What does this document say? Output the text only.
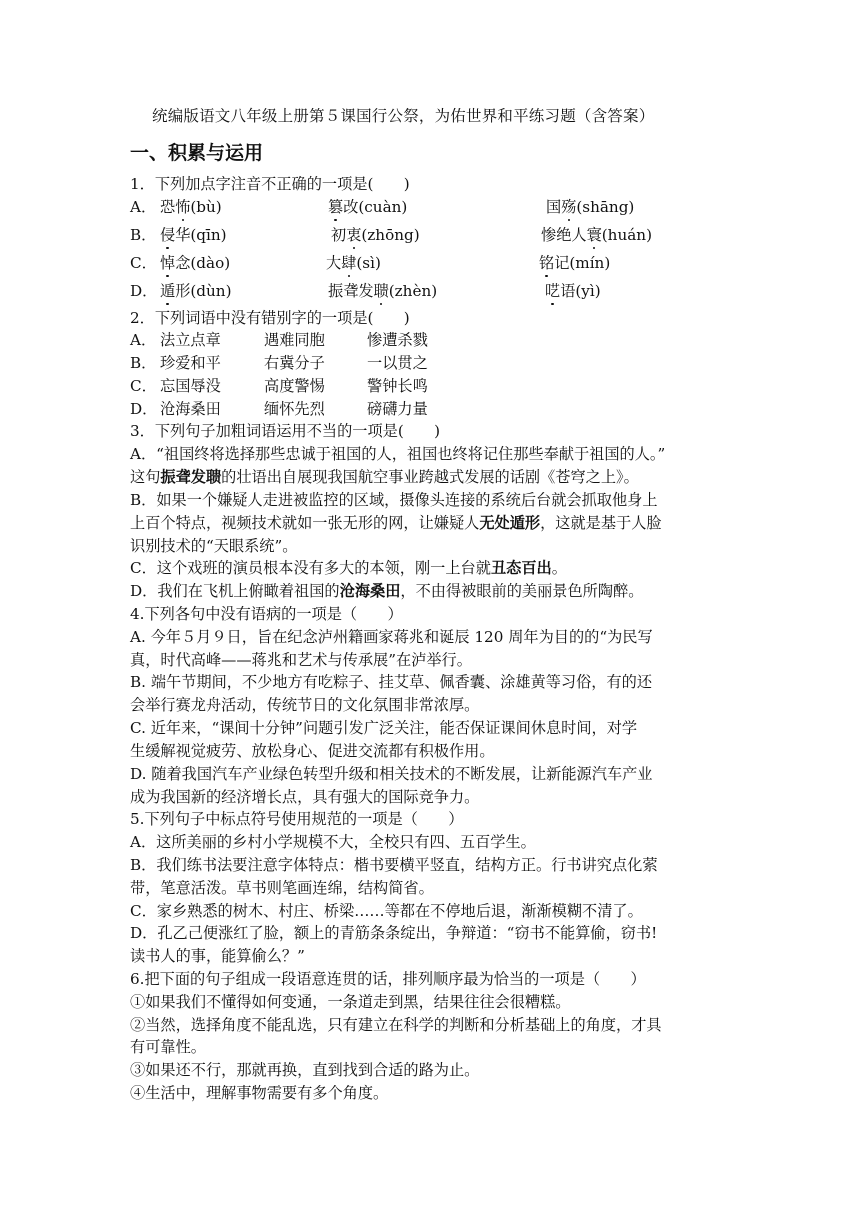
统编版语文八年级上册第５课国行公祭，为佑世界和平练习题（含答案）
一、积累与运用
1．下列加点字注音不正确的一项是(　　)
A． 恐怖(bù)	篡改(cuàn)	国殇(shāng)
B． 侵华(qīn)	初衷(zhōng)	惨绝人寰(huán)
C． 悼念(dào)	大肆(sì)	铭记(mín)
D． 遁形(dùn)	振聋发聩(zhèn)	呓语(yì)
2．下列词语中没有错别字的一项是(　　)
A． 法立点章	遇难同胞	惨遭杀戮
B． 珍爱和平	右冀分子	一以贯之
C． 忘国辱没	高度警惕	警钟长鸣
D． 沧海桑田	缅怀先烈	磅礴力量
3．下列句子加粗词语运用不当的一项是(　　)
A．“祖国终将选择那些忠诚于祖国的人，祖国也终将记住那些奉献于祖国的人。”
这句振聋发聩的壮语出自展现我国航空事业跨越式发展的话剧《苍穹之上》。
B．如果一个嫌疑人走进被监控的区域，摄像头连接的系统后台就会抓取他身上
上百个特点，视频技术就如一张无形的网，让嫌疑人无处遁形，这就是基于人脸
识别技术的“天眼系统”。
C．这个戏班的演员根本没有多大的本领，刚一上台就丑态百出。
D．我们在飞机上俯瞰着祖国的沧海桑田，不由得被眼前的美丽景色所陶醉。
4.下列各句中没有语病的一项是（　　）
A. 今年５月９日，旨在纪念泸州籍画家蒋兆和诞辰 120 周年为目的的“为民写
真，时代高峰——蒋兆和艺术与传承展”在泸举行。
B. 端午节期间，不少地方有吃粽子、挂艾草、佩香囊、涂雄黄等习俗，有的还
会举行赛龙舟活动，传统节日的文化氛围非常浓厚。
C. 近年来，“课间十分钟”问题引发广泛关注，能否保证课间休息时间，对学
生缓解视觉疲劳、放松身心、促进交流都有积极作用。
D. 随着我国汽车产业绿色转型升级和相关技术的不断发展，让新能源汽车产业
成为我国新的经济增长点，具有强大的国际竞争力。
5.下列句子中标点符号使用规范的一项是（　　）
A．这所美丽的乡村小学规模不大，全校只有四、五百学生。
B．我们练书法要注意字体特点：楷书要横平竖直，结构方正。行书讲究点化萦
带，笔意活泼。草书则笔画连绵，结构简省。
C．家乡熟悉的树木、村庄、桥梁……等都在不停地后退，渐渐模糊不清了。
D．孔乙己便涨红了脸，额上的青筋条条绽出，争辩道：“窃书不能算偷，窃书!
读书人的事，能算偷么？”
6.把下面的句子组成一段语意连贯的话，排列顺序最为恰当的一项是（　　）
①如果我们不懂得如何变通，一条道走到黑，结果往往会很糟糕。
②当然，选择角度不能乱选，只有建立在科学的判断和分析基础上的角度，才具
有可靠性。
③如果还不行，那就再换，直到找到合适的路为止。
④生活中，理解事物需要有多个角度。
